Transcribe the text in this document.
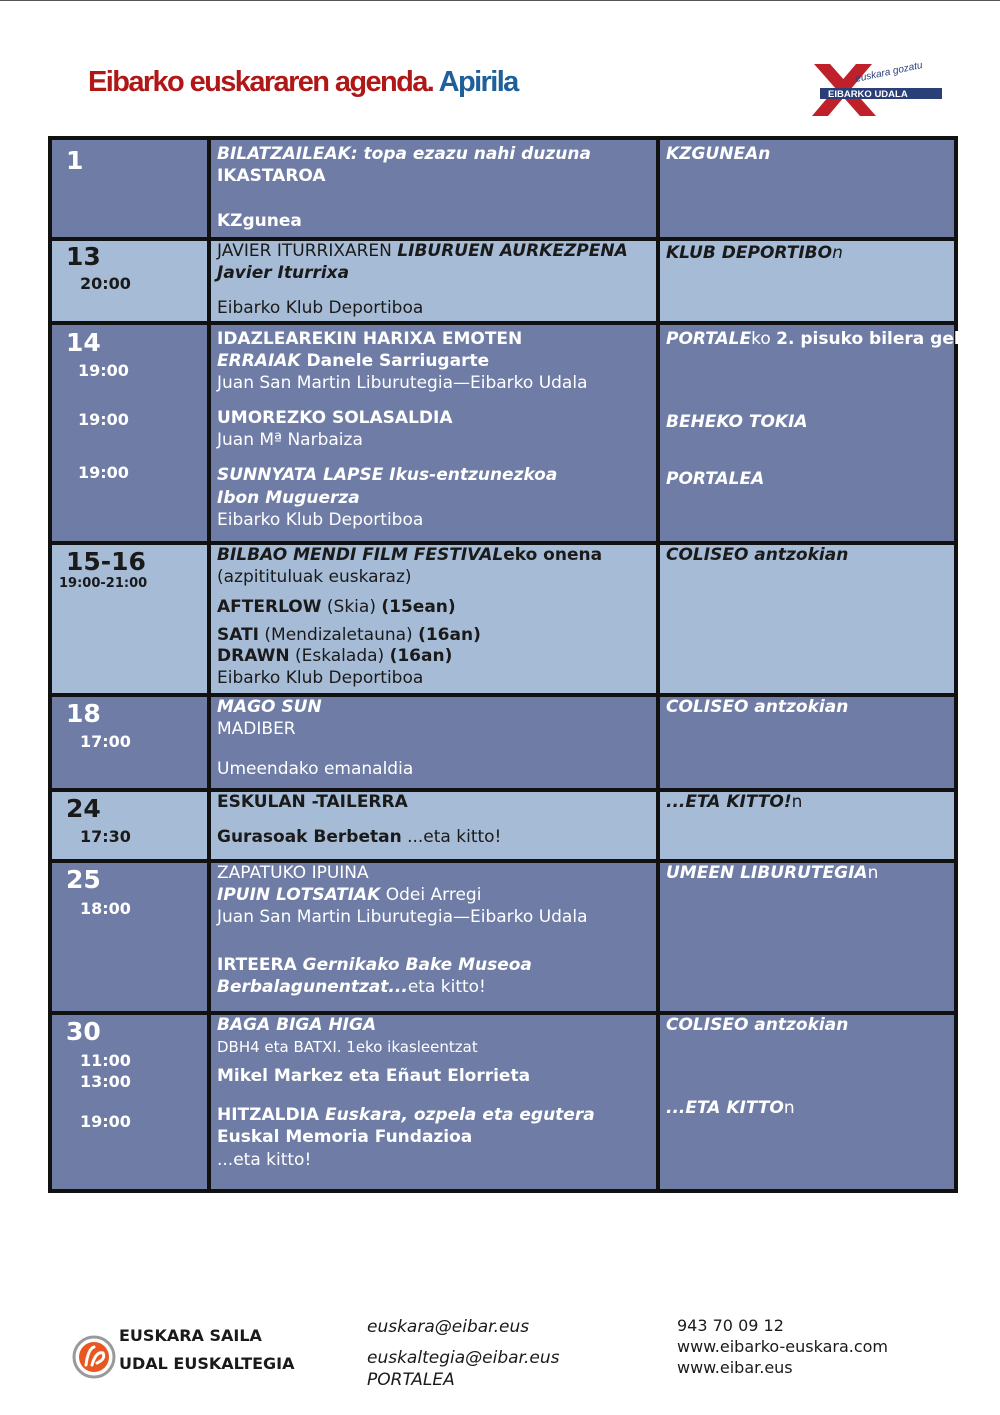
Eibarko euskararen agenda. Apirila	EIBARKO UDALA
euskara gozatu
1	BILATZAILEAK: topa ezazu nahi duzuna
IKASTAROA
KZgunea
KZGUNEAn
13
20:00
JAVIER ITURRIXAREN LIBURUEN AURKEZPENA
Javier Iturrixa
Eibarko Klub Deportiboa
KLUB DEPORTIBOn
14
19:00
19:00
19:00
IDAZLEAREKIN HARIXA EMOTEN
ERRAIAK Danele Sarriugarte
Juan San Martin Liburutegia—Eibarko Udala
UMOREZKO SOLASALDIA
Juan Mª Narbaiza
SUNNYATA LAPSE Ikus-entzunezkoa
Ibon Muguerza
Eibarko Klub Deportiboa
PORTALEko 2. pisuko bilera gelan
BEHEKO TOKIA
PORTALEA
15-16
19:00-21:00
BILBAO MENDI FILM FESTIVALeko onena
(azpitituluak euskaraz)
AFTERLOW (Skia) (15ean)
SATI (Mendizaletauna) (16an)
DRAWN (Eskalada) (16an)
Eibarko Klub Deportiboa
COLISEO antzokian
18
17:00
MAGO SUN
MADIBER
Umeendako emanaldia
COLISEO antzokian
24
17:30
ESKULAN -TAILERRA
Gurasoak Berbetan ...eta kitto!
...ETA KITTO!n
25
18:00
ZAPATUKO IPUINA
IPUIN LOTSATIAK Odei Arregi
Juan San Martin Liburutegia—Eibarko Udala
IRTEERA Gernikako Bake Museoa
Berbalagunentzat...eta kitto!
UMEEN LIBURUTEGIAn
30
11:00
13:00
19:00
BAGA BIGA HIGA
DBH4 eta BATXI. 1eko ikasleentzat
Mikel Markez eta Eñaut Elorrieta
HITZALDIA Euskara, ozpela eta egutera
Euskal Memoria Fundazioa
...eta kitto!
COLISEO antzokian
...ETA KITTOn
EUSKARA SAILA
UDAL EUSKALTEGIA
euskara@eibar.eus
euskaltegia@eibar.eus
PORTALEA
943 70 09 12
www.eibarko-euskara.com
www.eibar.eus
